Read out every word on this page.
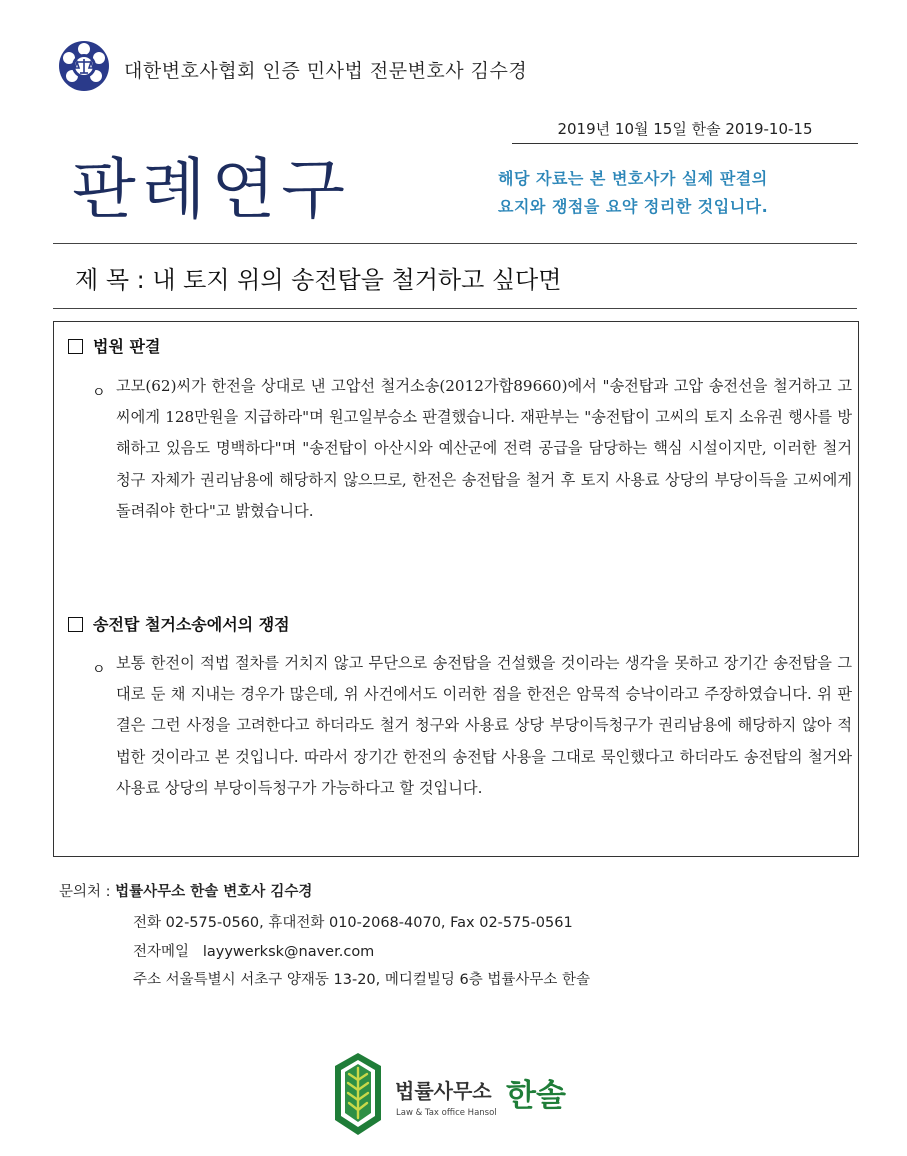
대한변호사협회 인증 민사법 전문변호사 김수경
2019년 10월 15일 한솔 2019-10-15
판례연구	해당 자료는 본 변호사가 실제 판결의
요지와 쟁점을 요약 정리한 것입니다.
제 목 : 내 토지 위의 송전탑을 철거하고 싶다면
법원 판결
ㅇ 고모(62)씨가 한전을 상대로 낸 고압선 철거소송(2012가합89660)에서 "송전탑과 고압 송전선을 철거하고 고씨에게 128만원을 지급하라"며 원고일부승소 판결했습니다. 재판부는 "송전탑이 고씨의 토지 소유권 행사를 방해하고 있음도 명백하다"며 "송전탑이 아산시와 예산군에 전력 공급을 담당하는 핵심 시설이지만, 이러한 철거 청구 자체가 권리남용에 해당하지 않으므로, 한전은 송전탑을 철거 후 토지 사용료 상당의 부당이득을 고씨에게 돌려줘야 한다"고 밝혔습니다.
송전탑 철거소송에서의 쟁점
ㅇ 보통 한전이 적법 절차를 거치지 않고 무단으로 송전탑을 건설했을 것이라는 생각을 못하고 장기간 송전탑을 그대로 둔 채 지내는 경우가 많은데, 위 사건에서도 이러한 점을 한전은 암묵적 승낙이라고 주장하였습니다. 위 판결은 그런 사정을 고려한다고 하더라도 철거 청구와 사용료 상당 부당이득청구가 권리남용에 해당하지 않아 적법한 것이라고 본 것입니다. 따라서 장기간 한전의 송전탑 사용을 그대로 묵인했다고 하더라도 송전탑의 철거와 사용료 상당의 부당이득청구가 가능하다고 할 것입니다.
문의처 : 법률사무소 한솔 변호사 김수경
전화 02-575-0560, 휴대전화 010-2068-4070, Fax 02-575-0561
전자메일 layywerksk@naver.com
주소 서울특별시 서초구 양재동 13-20, 메디컬빌딩 6층 법률사무소 한솔
법률사무소 한솔
Law & Tax office Hansol
